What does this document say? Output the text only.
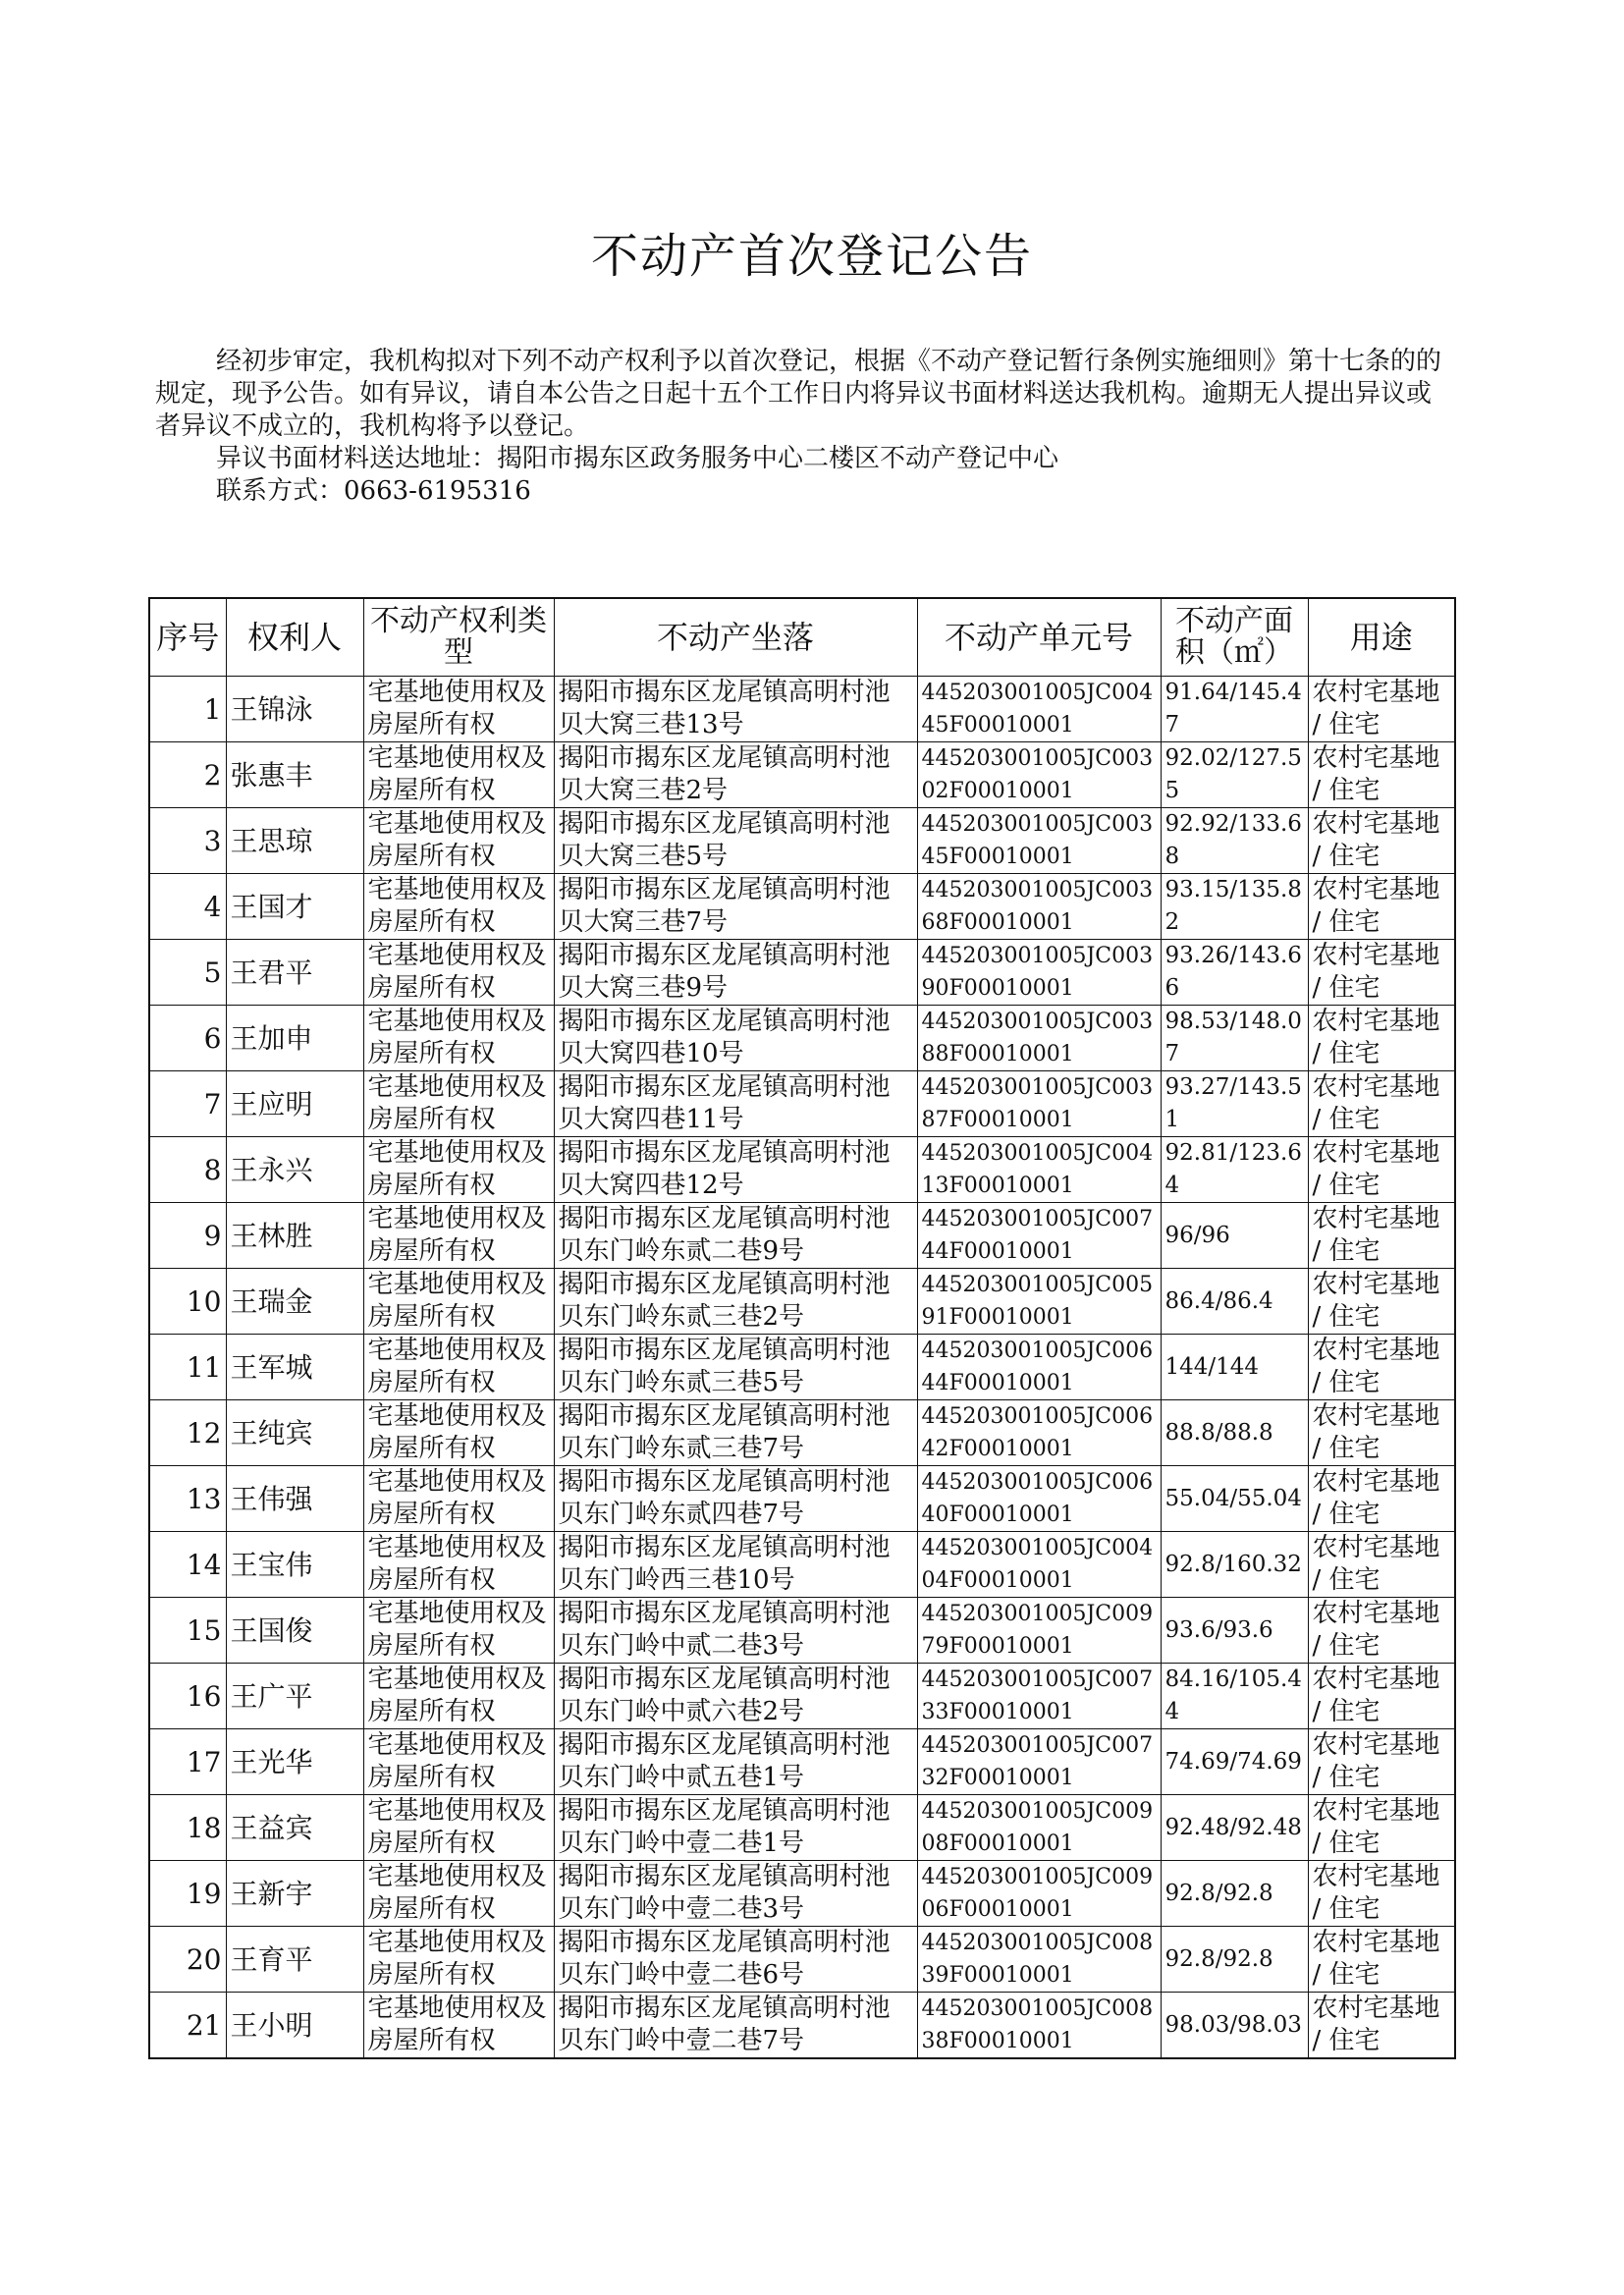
不动产首次登记公告

经初步审定，我机构拟对下列不动产权利予以首次登记，根据《不动产登记暂行条例实施细则》第十七条的的规定，现予公告。如有异议，请自本公告之日起十五个工作日内将异议书面材料送达我机构。逾期无人提出异议或者异议不成立的，我机构将予以登记。

异议书面材料送达地址：揭阳市揭东区政务服务中心二楼区不动产登记中心

联系方式：0663-6195316

序号	权利人	不动产权利类型	不动产坐落	不动产单元号	不动产面积（㎡）	用途
1	王锦泳	宅基地使用权及房屋所有权	揭阳市揭东区龙尾镇高明村池贝大窝三巷13号	445203001005JC00445F00010001	91.64/145.47	农村宅基地 / 住宅
2	张惠丰	宅基地使用权及房屋所有权	揭阳市揭东区龙尾镇高明村池贝大窝三巷2号	445203001005JC00302F00010001	92.02/127.55	农村宅基地 / 住宅
3	王思琼	宅基地使用权及房屋所有权	揭阳市揭东区龙尾镇高明村池贝大窝三巷5号	445203001005JC00345F00010001	92.92/133.68	农村宅基地 / 住宅
4	王国才	宅基地使用权及房屋所有权	揭阳市揭东区龙尾镇高明村池贝大窝三巷7号	445203001005JC00368F00010001	93.15/135.82	农村宅基地 / 住宅
5	王君平	宅基地使用权及房屋所有权	揭阳市揭东区龙尾镇高明村池贝大窝三巷9号	445203001005JC00390F00010001	93.26/143.66	农村宅基地 / 住宅
6	王加申	宅基地使用权及房屋所有权	揭阳市揭东区龙尾镇高明村池贝大窝四巷10号	445203001005JC00388F00010001	98.53/148.07	农村宅基地 / 住宅
7	王应明	宅基地使用权及房屋所有权	揭阳市揭东区龙尾镇高明村池贝大窝四巷11号	445203001005JC00387F00010001	93.27/143.51	农村宅基地 / 住宅
8	王永兴	宅基地使用权及房屋所有权	揭阳市揭东区龙尾镇高明村池贝大窝四巷12号	445203001005JC00413F00010001	92.81/123.64	农村宅基地 / 住宅
9	王林胜	宅基地使用权及房屋所有权	揭阳市揭东区龙尾镇高明村池贝东门岭东贰二巷9号	445203001005JC00744F00010001	96/96	农村宅基地 / 住宅
10	王瑞金	宅基地使用权及房屋所有权	揭阳市揭东区龙尾镇高明村池贝东门岭东贰三巷2号	445203001005JC00591F00010001	86.4/86.4	农村宅基地 / 住宅
11	王军城	宅基地使用权及房屋所有权	揭阳市揭东区龙尾镇高明村池贝东门岭东贰三巷5号	445203001005JC00644F00010001	144/144	农村宅基地 / 住宅
12	王纯宾	宅基地使用权及房屋所有权	揭阳市揭东区龙尾镇高明村池贝东门岭东贰三巷7号	445203001005JC00642F00010001	88.8/88.8	农村宅基地 / 住宅
13	王伟强	宅基地使用权及房屋所有权	揭阳市揭东区龙尾镇高明村池贝东门岭东贰四巷7号	445203001005JC00640F00010001	55.04/55.04	农村宅基地 / 住宅
14	王宝伟	宅基地使用权及房屋所有权	揭阳市揭东区龙尾镇高明村池贝东门岭西三巷10号	445203001005JC00404F00010001	92.8/160.32	农村宅基地 / 住宅
15	王国俊	宅基地使用权及房屋所有权	揭阳市揭东区龙尾镇高明村池贝东门岭中贰二巷3号	445203001005JC00979F00010001	93.6/93.6	农村宅基地 / 住宅
16	王广平	宅基地使用权及房屋所有权	揭阳市揭东区龙尾镇高明村池贝东门岭中贰六巷2号	445203001005JC00733F00010001	84.16/105.44	农村宅基地 / 住宅
17	王光华	宅基地使用权及房屋所有权	揭阳市揭东区龙尾镇高明村池贝东门岭中贰五巷1号	445203001005JC00732F00010001	74.69/74.69	农村宅基地 / 住宅
18	王益宾	宅基地使用权及房屋所有权	揭阳市揭东区龙尾镇高明村池贝东门岭中壹二巷1号	445203001005JC00908F00010001	92.48/92.48	农村宅基地 / 住宅
19	王新宇	宅基地使用权及房屋所有权	揭阳市揭东区龙尾镇高明村池贝东门岭中壹二巷3号	445203001005JC00906F00010001	92.8/92.8	农村宅基地 / 住宅
20	王育平	宅基地使用权及房屋所有权	揭阳市揭东区龙尾镇高明村池贝东门岭中壹二巷6号	445203001005JC00839F00010001	92.8/92.8	农村宅基地 / 住宅
21	王小明	宅基地使用权及房屋所有权	揭阳市揭东区龙尾镇高明村池贝东门岭中壹二巷7号	445203001005JC00838F00010001	98.03/98.03	农村宅基地 / 住宅
